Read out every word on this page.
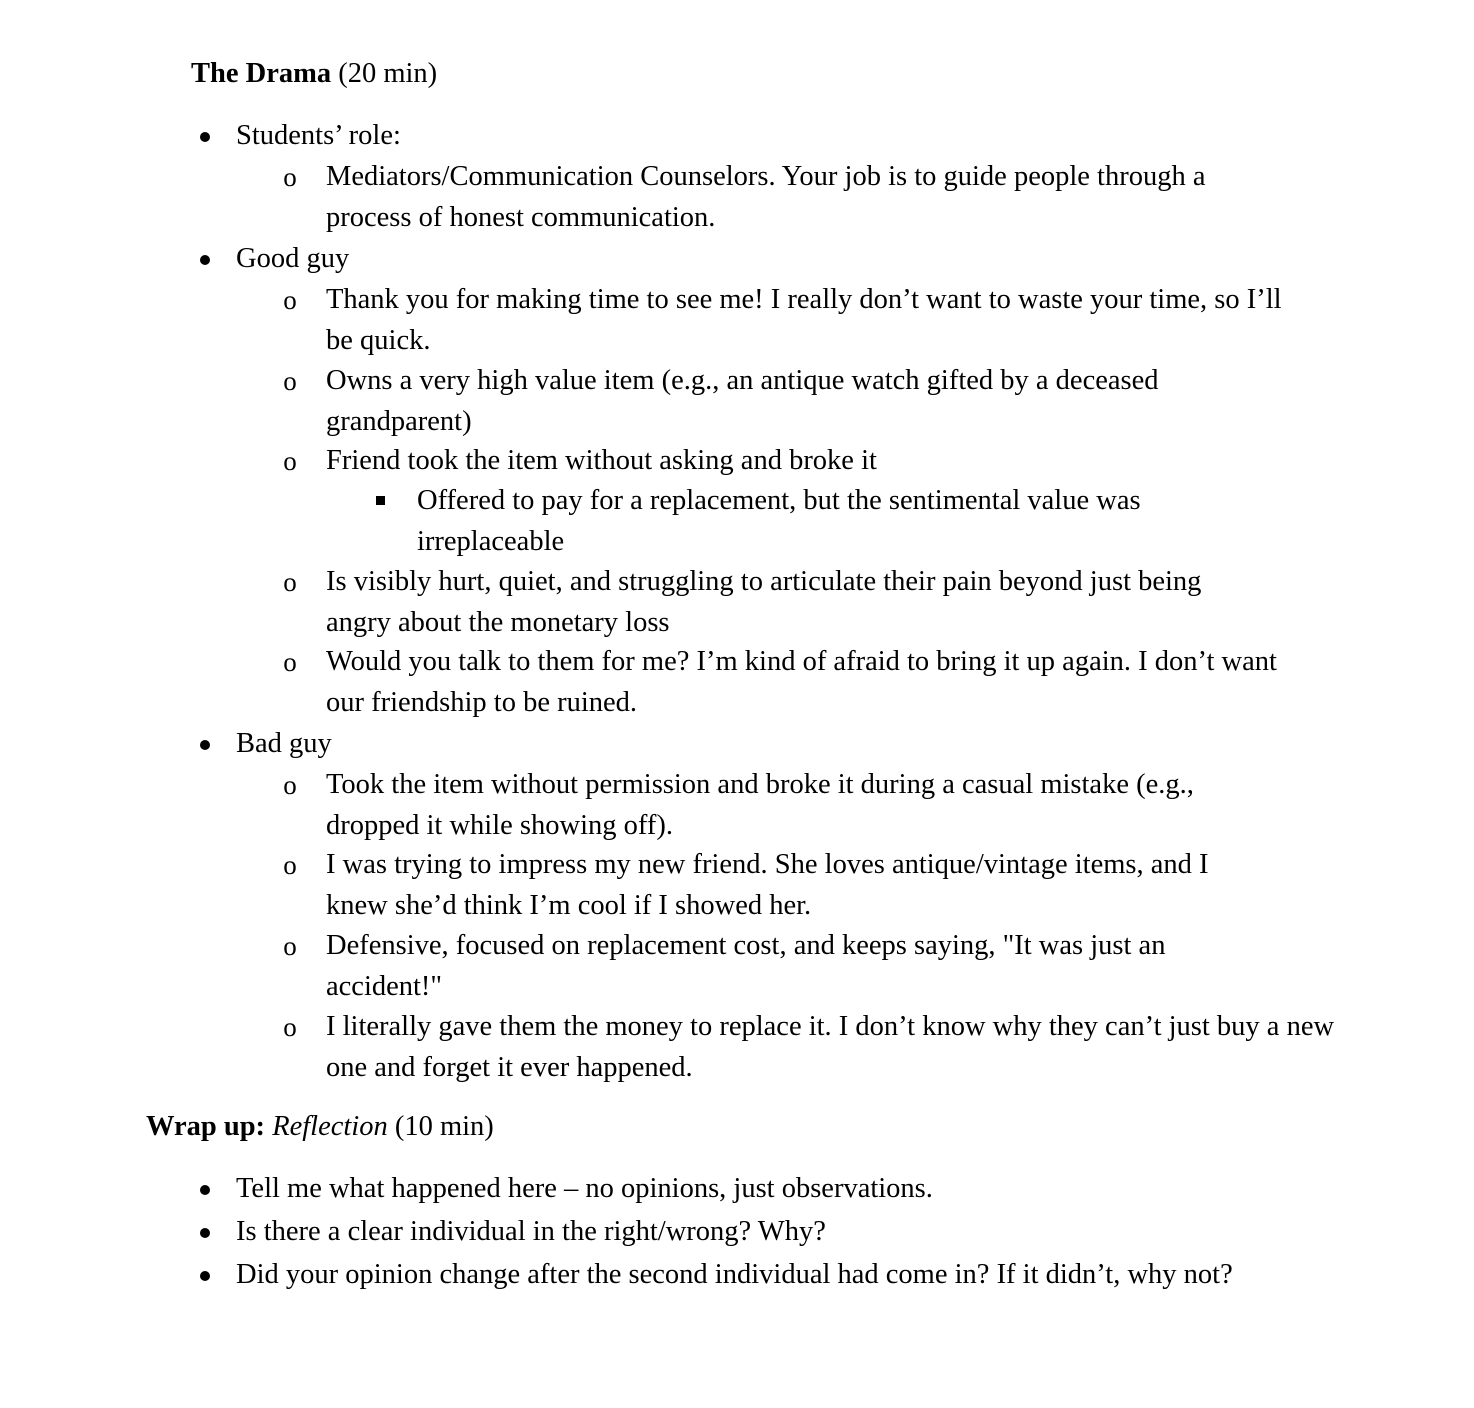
The Drama (20 min)
Students’ role:
o Mediators/Communication Counselors. Your job is to guide people through a process of honest communication.
Good guy
o Thank you for making time to see me! I really don’t want to waste your time, so I’ll be quick.
o Owns a very high value item (e.g., an antique watch gifted by a deceased grandparent)
o Friend took the item without asking and broke it
Offered to pay for a replacement, but the sentimental value was irreplaceable
o Is visibly hurt, quiet, and struggling to articulate their pain beyond just being angry about the monetary loss
o Would you talk to them for me? I’m kind of afraid to bring it up again. I don’t want our friendship to be ruined.
Bad guy
o Took the item without permission and broke it during a casual mistake (e.g., dropped it while showing off).
o I was trying to impress my new friend. She loves antique/vintage items, and I knew she’d think I’m cool if I showed her.
o Defensive, focused on replacement cost, and keeps saying, "It was just an accident!"
o I literally gave them the money to replace it. I don’t know why they can’t just buy a new one and forget it ever happened.
Wrap up: Reflection (10 min)
Tell me what happened here – no opinions, just observations.
Is there a clear individual in the right/wrong? Why?
Did your opinion change after the second individual had come in? If it didn’t, why not?
